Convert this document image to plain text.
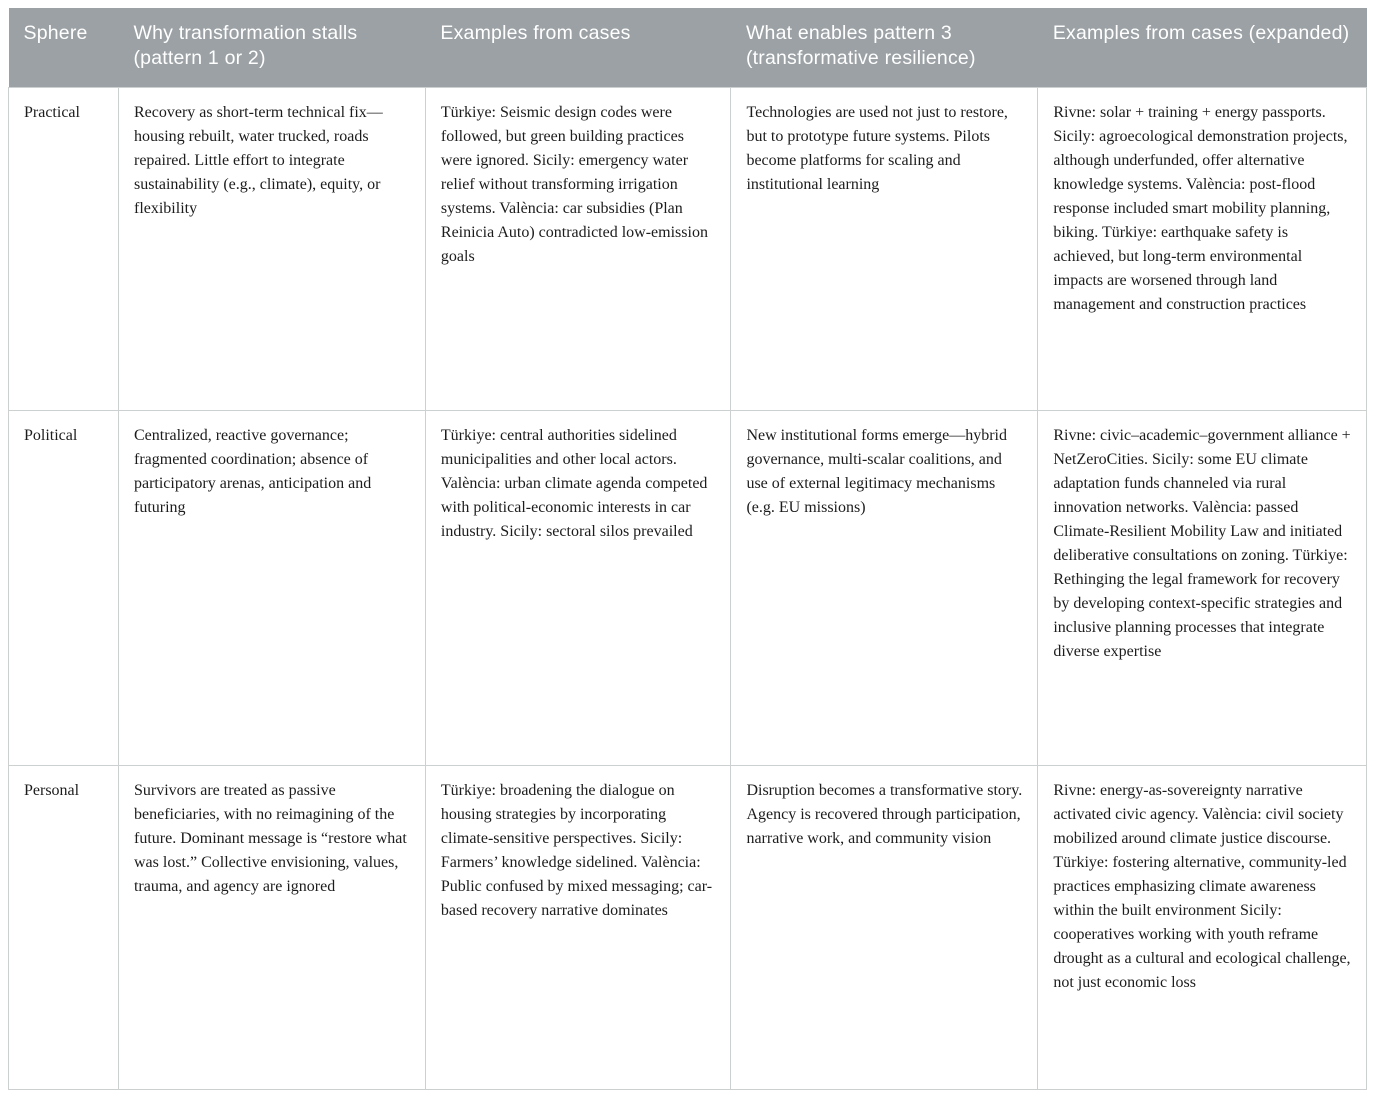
Sphere	Why transformation stalls (pattern 1 or 2)	Examples from cases	What enables pattern 3 (transformative resilience)	Examples from cases (expanded)
Practical	Recovery as short-term technical fix—housing rebuilt, water trucked, roads repaired. Little effort to integrate sustainability (e.g., climate), equity, or flexibility	Türkiye: Seismic design codes were followed, but green building practices were ignored. Sicily: emergency water relief without transforming irrigation systems. València: car subsidies (Plan Reinicia Auto) contradicted low-emission goals	Technologies are used not just to restore, but to prototype future systems. Pilots become platforms for scaling and institutional learning	Rivne: solar + training + energy passports. Sicily: agroecological demonstration projects, although underfunded, offer alternative knowledge systems. València: post-flood response included smart mobility planning, biking. Türkiye: earthquake safety is achieved, but long-term environmental impacts are worsened through land management and construction practices
Political	Centralized, reactive governance; fragmented coordination; absence of participatory arenas, anticipation and futuring	Türkiye: central authorities sidelined municipalities and other local actors. València: urban climate agenda competed with political-economic interests in car industry. Sicily: sectoral silos prevailed	New institutional forms emerge—hybrid governance, multi-scalar coalitions, and use of external legitimacy mechanisms (e.g. EU missions)	Rivne: civic–academic–government alliance + NetZeroCities. Sicily: some EU climate adaptation funds channeled via rural innovation networks. València: passed Climate-Resilient Mobility Law and initiated deliberative consultations on zoning. Türkiye: Rethinging the legal framework for recovery by developing context-specific strategies and inclusive planning processes that integrate diverse expertise
Personal	Survivors are treated as passive beneficiaries, with no reimagining of the future. Dominant message is “restore what was lost.” Collective envisioning, values, trauma, and agency are ignored	Türkiye: broadening the dialogue on housing strategies by incorporating climate-sensitive perspectives. Sicily: Farmers’ knowledge sidelined. València: Public confused by mixed messaging; car-based recovery narrative dominates	Disruption becomes a transformative story. Agency is recovered through participation, narrative work, and community vision	Rivne: energy-as-sovereignty narrative activated civic agency. València: civil society mobilized around climate justice discourse. Türkiye: fostering alternative, community-led practices emphasizing climate awareness within the built environment Sicily: cooperatives working with youth reframe drought as a cultural and ecological challenge, not just economic loss
